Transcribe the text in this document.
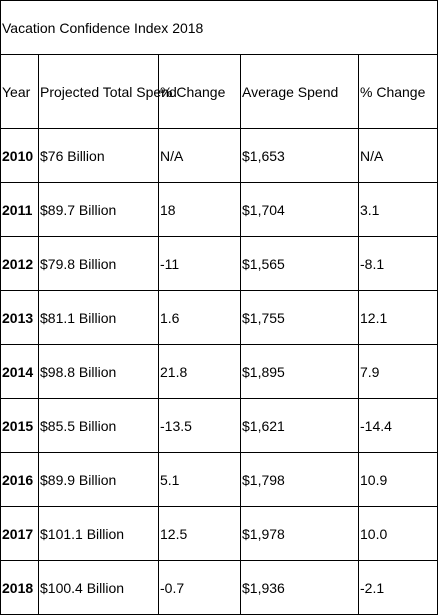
Vacation Confidence Index 2018				
Year	Projected Total Spend	% Change	Average Spend	% Change
2010	$76 Billion	N/A	$1,653	N/A
2011	$89.7 Billion	18	$1,704	3.1
2012	$79.8 Billion	-11	$1,565	-8.1
2013	$81.1 Billion	1.6	$1,755	12.1
2014	$98.8 Billion	21.8	$1,895	7.9
2015	$85.5 Billion	-13.5	$1,621	-14.4
2016	$89.9 Billion	5.1	$1,798	10.9
2017	$101.1 Billion	12.5	$1,978	10.0
2018	$100.4 Billion	-0.7	$1,936	-2.1
